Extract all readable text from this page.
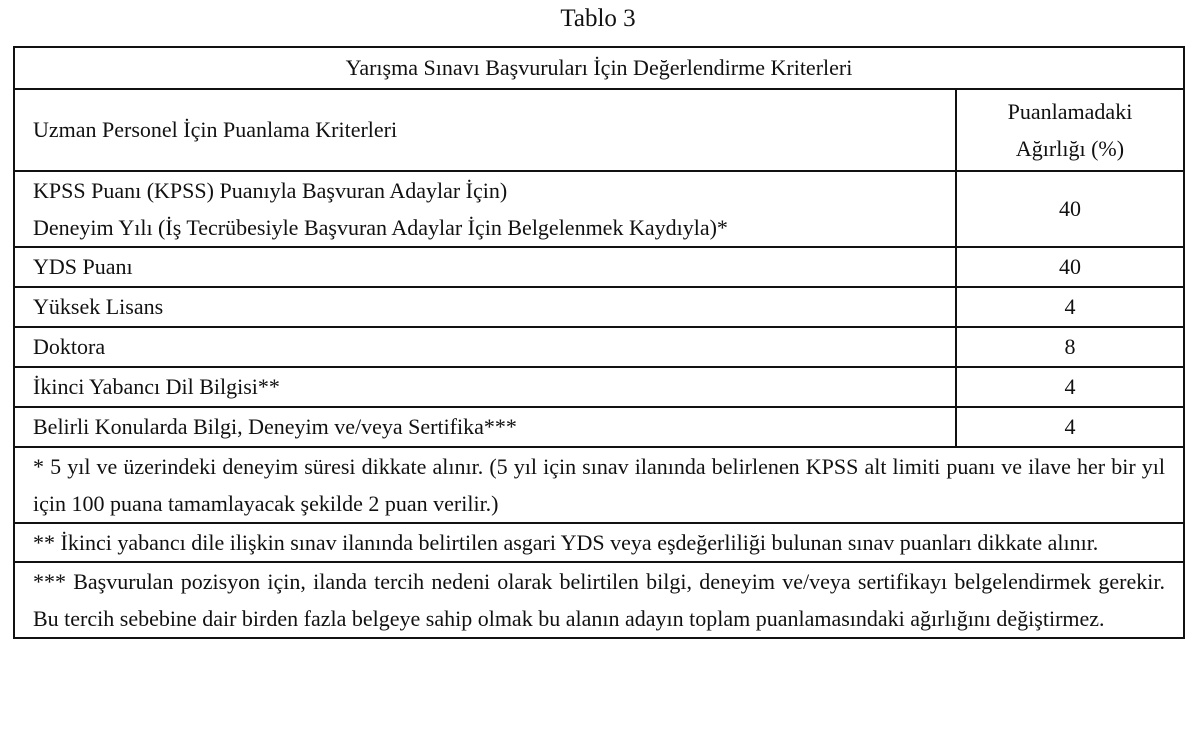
Tablo 3
Yarışma Sınavı Başvuruları İçin Değerlendirme Kriterleri	
Uzman Personel İçin Puanlama Kriterleri	Puanlamadaki
Ağırlığı (%)
KPSS Puanı (KPSS) Puanıyla Başvuran Adaylar İçin)	40
Deneyim Yılı (İş Tecrübesiyle Başvuran Adaylar İçin Belgelenmek Kaydıyla)*	
YDS Puanı	40
Yüksek Lisans	4
Doktora	8
İkinci Yabancı Dil Bilgisi**	4
Belirli Konularda Bilgi, Deneyim ve/veya Sertifika***	4
* 5 yıl ve üzerindeki deneyim süresi dikkate alınır. (5 yıl için sınav ilanında belirlenen KPSS alt limiti puanı ve ilave her bir yıl için 100 puana tamamlayacak şekilde 2 puan verilir.)	
** İkinci yabancı dile ilişkin sınav ilanında belirtilen asgari YDS veya eşdeğerliliği bulunan sınav puanları dikkate alınır.	
*** Başvurulan pozisyon için, ilanda tercih nedeni olarak belirtilen bilgi, deneyim ve/veya sertifikayı belgelendirmek gerekir. Bu tercih sebebine dair birden fazla belgeye sahip olmak bu alanın adayın toplam puanlamasındaki ağırlığını değiştirmez.	
